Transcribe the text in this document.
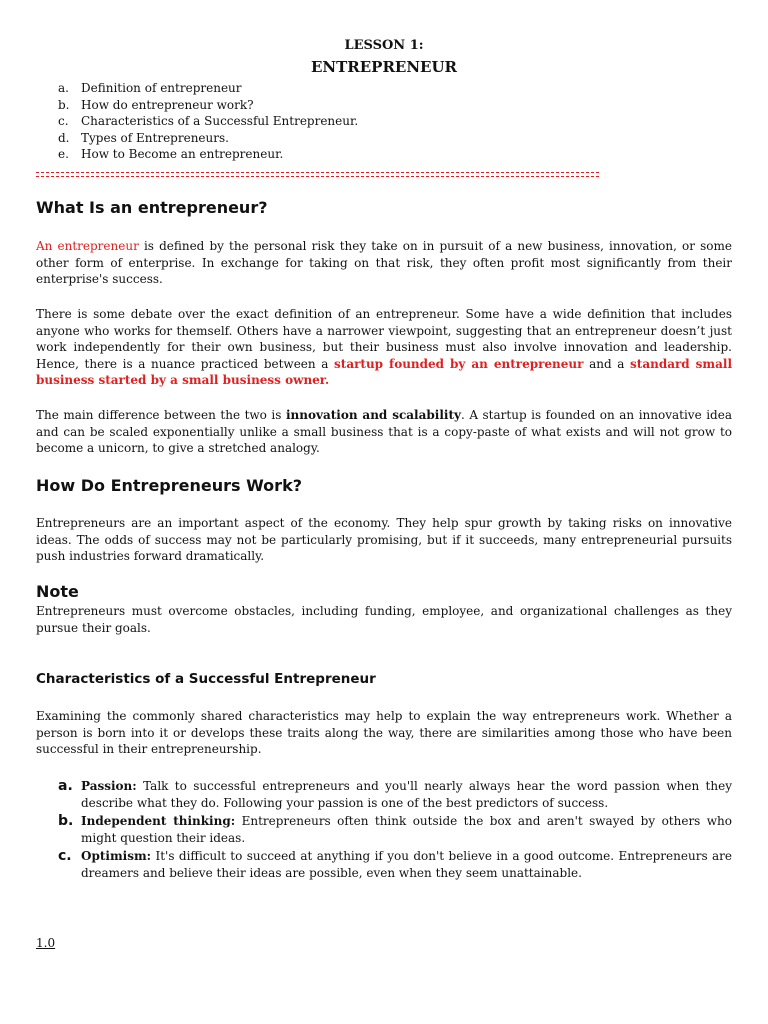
LESSON 1:
ENTREPRENEUR
a.	Definition of entrepreneur
b. How do entrepreneur work?
c.	Characteristics of a Successful Entrepreneur.
d. Types of Entrepreneurs.
e.	How to Become an entrepreneur.
What Is an entrepreneur?

An entrepreneur is defined by the personal risk they take on in pursuit of a new business, innovation, or some other form of enterprise. In exchange for taking on that risk, they often profit most significantly from their enterprise's success.

There is some debate over the exact definition of an entrepreneur. Some have a wide definition that includes anyone who works for themself. Others have a narrower viewpoint, suggesting that an entrepreneur doesn’t just work independently for their own business, but their business must also involve innovation and leadership. Hence, there is a nuance practiced between a startup founded by an entrepreneur and a standard small business started by a small business owner.

The main difference between the two is innovation and scalability. A startup is founded on an innovative idea and can be scaled exponentially unlike a small business that is a copy-paste of what exists and will not grow to become a unicorn, to give a stretched analogy.

How Do Entrepreneurs Work?

Entrepreneurs are an important aspect of the economy. They help spur growth by taking risks on innovative ideas. The odds of success may not be particularly promising, but if it succeeds, many entrepreneurial pursuits push industries forward dramatically.

Note

Entrepreneurs must overcome obstacles, including funding, employee, and organizational challenges as they pursue their goals.

Characteristics of a Successful Entrepreneur

Examining the commonly shared characteristics may help to explain the way entrepreneurs work. Whether a person is born into it or develops these traits along the way, there are similarities among those who have been successful in their entrepreneurship.

a. Passion: Talk to successful entrepreneurs and you'll nearly always hear the word passion when they describe what they do. Following your passion is one of the best predictors of success.
b. Independent thinking: Entrepreneurs often think outside the box and aren't swayed by others who might question their ideas.
c. Optimism: It's difficult to succeed at anything if you don't believe in a good outcome. Entrepreneurs are dreamers and believe their ideas are possible, even when they seem unattainable.
1.0
